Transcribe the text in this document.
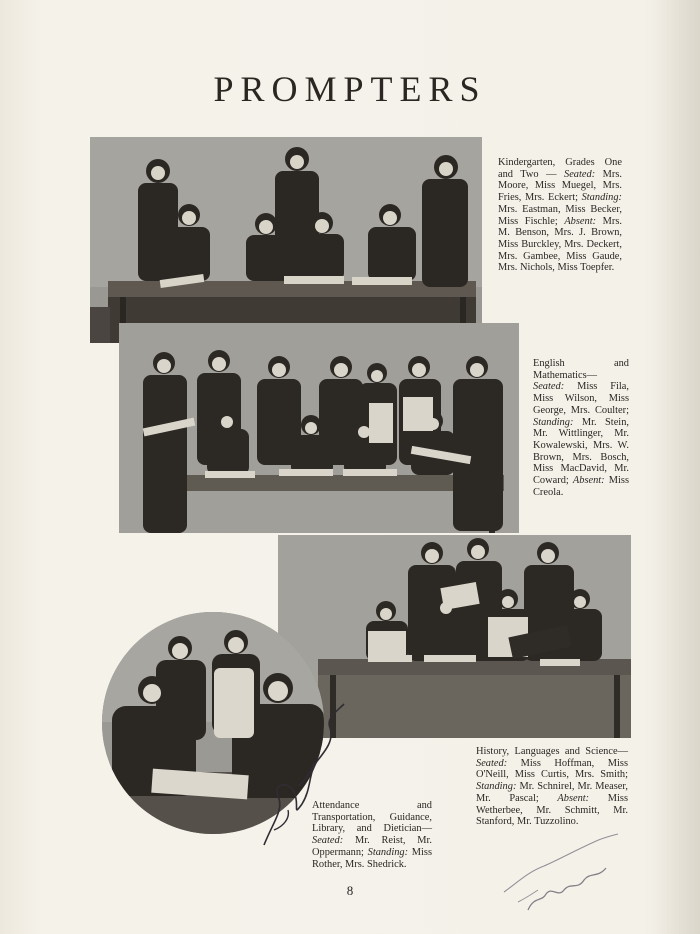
PROMPTERS
Kindergarten, Grades One and Two — Seated: Mrs. Moore, Miss Muegel, Mrs. Fries, Mrs. Eckert; Standing: Mrs. Eastman, Miss Becker, Miss Fischle; Absent: Mrs. M. Benson, Mrs. J. Brown, Miss Burckley, Mrs. Deckert, Mrs. Gambee, Miss Gaude, Mrs. Nichols, Miss Toepfer.
English and Mathematics— Seated: Miss Fila, Miss Wilson, Miss George, Mrs. Coulter; Standing: Mr. Stein, Mr. Wittlinger, Mr. Kowalewski, Mrs. W. Brown, Mrs. Bosch, Miss MacDavid, Mr. Coward; Absent: Miss Creola.
History, Languages and Science— Seated: Miss Hoffman, Miss O'Neill, Miss Curtis, Mrs. Smith; Standing: Mr. Schnirel, Mr. Measer, Mr. Pascal; Absent: Miss Wetherbee, Mr. Schmitt, Mr. Stanford, Mr. Tuzzolino.
Attendance and Transportation, Guidance, Library, and Dietician— Seated: Mr. Reist, Mr. Oppermann; Standing: Miss Rother, Mrs. Shedrick.
8
